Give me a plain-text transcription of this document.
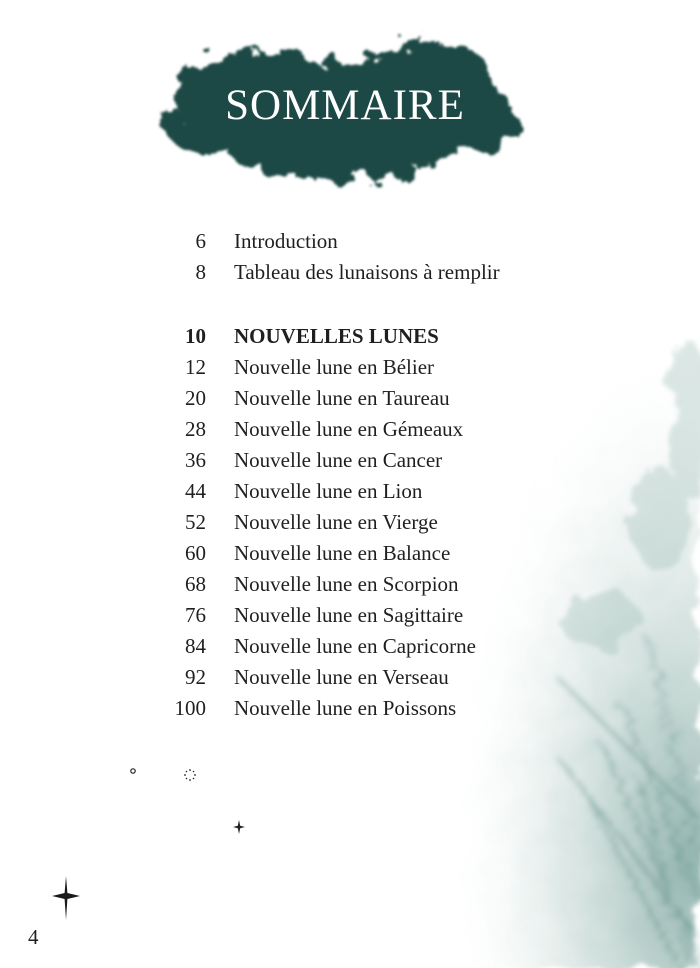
SOMMAIRE
6 Introduction
8 Tableau des lunaisons à remplir
10 NOUVELLES LUNES
12 Nouvelle lune en Bélier
20 Nouvelle lune en Taureau
28 Nouvelle lune en Gémeaux
36 Nouvelle lune en Cancer
44 Nouvelle lune en Lion
52 Nouvelle lune en Vierge
60 Nouvelle lune en Balance
68 Nouvelle lune en Scorpion
76 Nouvelle lune en Sagittaire
84 Nouvelle lune en Capricorne
92 Nouvelle lune en Verseau
100 Nouvelle lune en Poissons
4
